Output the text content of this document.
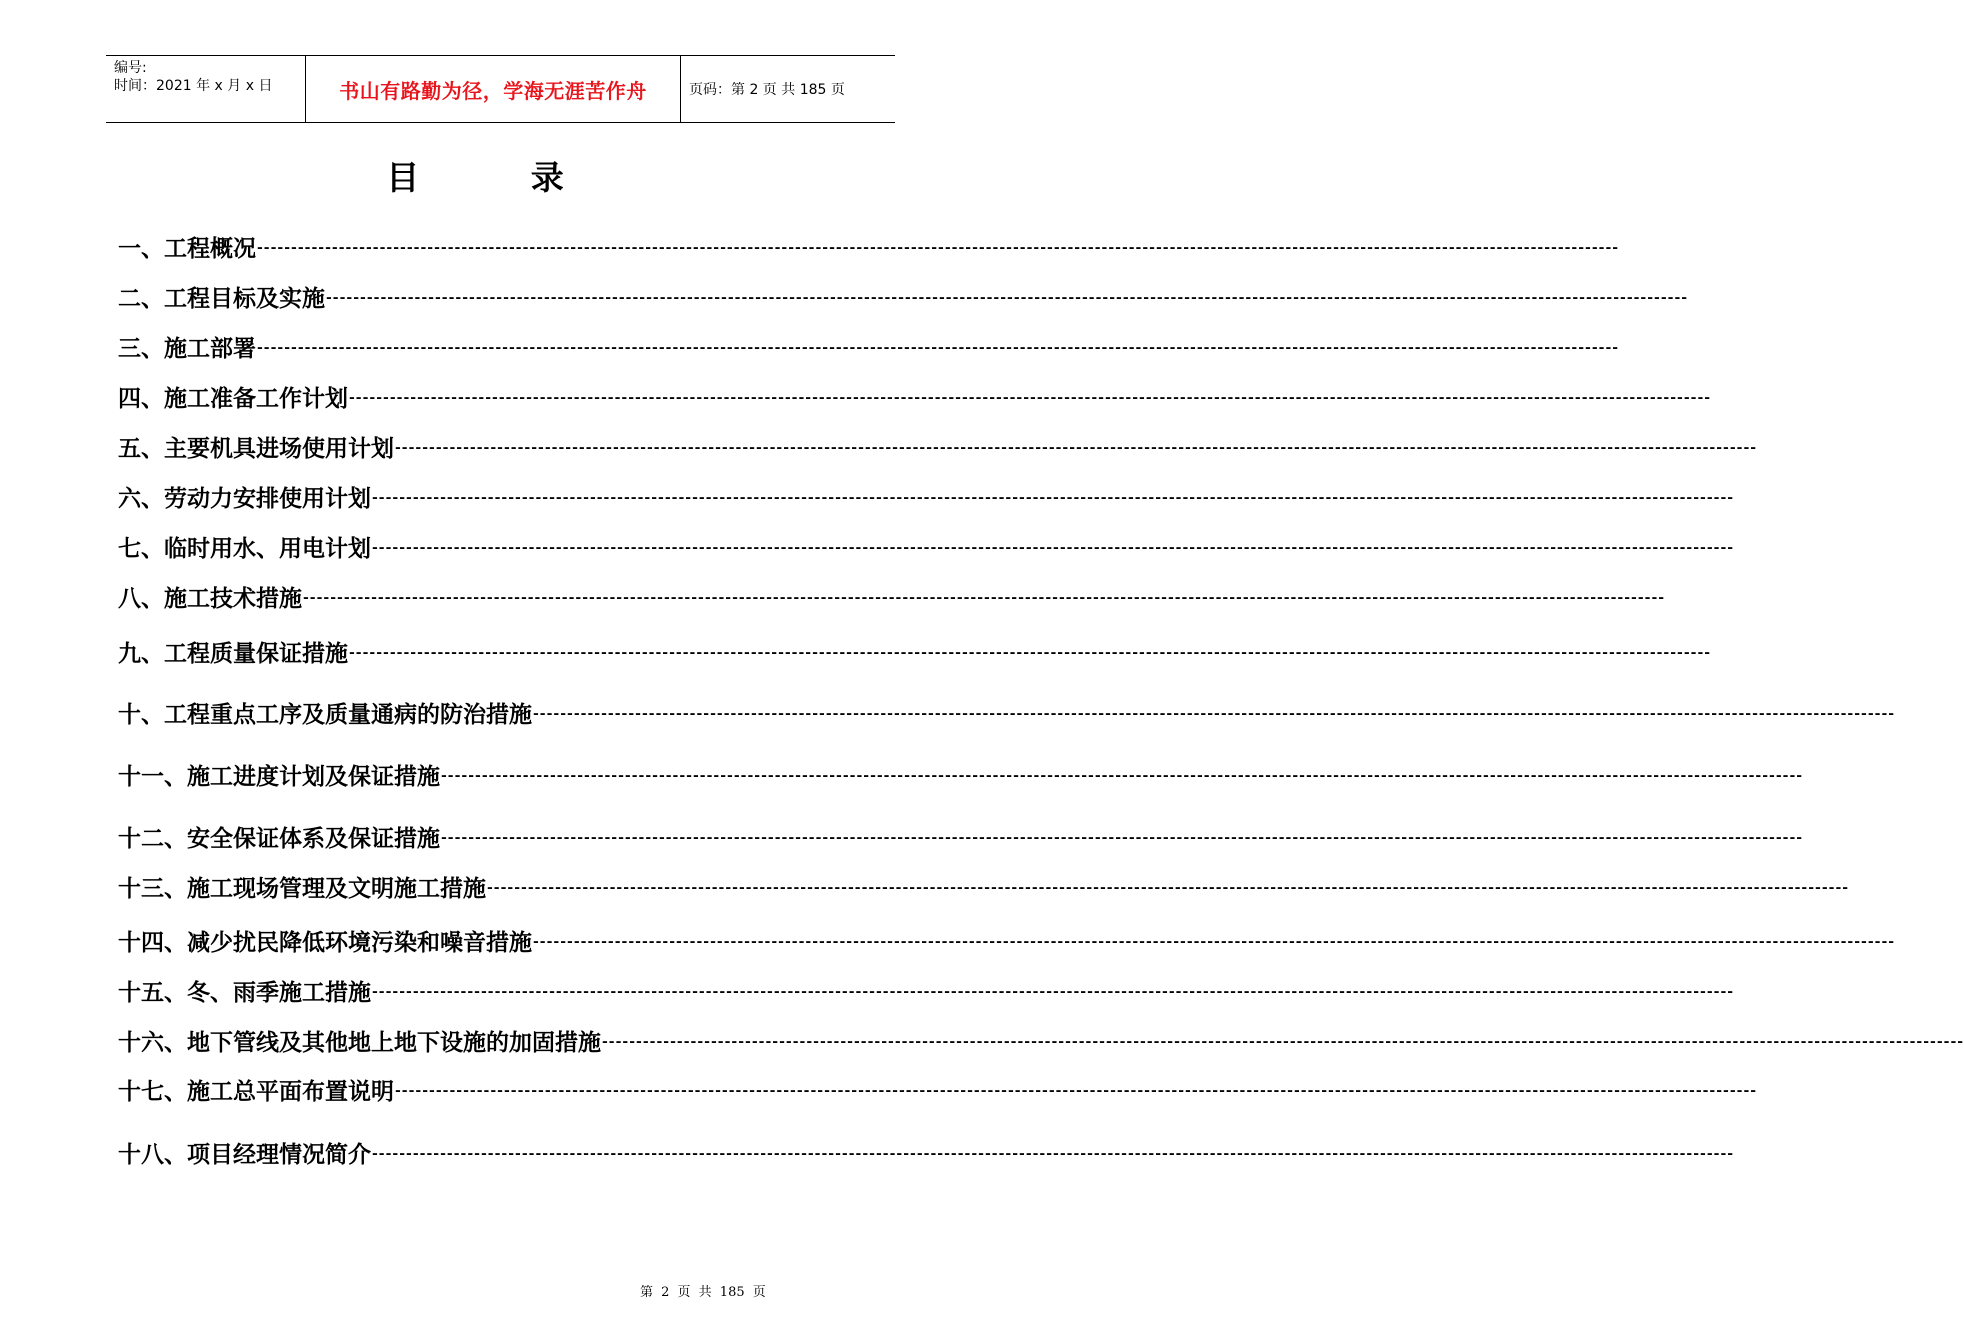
编号:
时间：2021 年 x 月 x 日	书山有路勤为径，学海无涯苦作舟	页码：第 2 页 共 185 页
目 录
一、工程概况 --------------------------------------------------------------------------------------------------------------------------------------------------------------------------------------------------------
二、工程目标及实施 --------------------------------------------------------------------------------------------------------------------------------------------------------------------------------------------------------
三、施工部署 --------------------------------------------------------------------------------------------------------------------------------------------------------------------------------------------------------
四、施工准备工作计划 --------------------------------------------------------------------------------------------------------------------------------------------------------------------------------------------------------
五、主要机具进场使用计划 --------------------------------------------------------------------------------------------------------------------------------------------------------------------------------------------------------
六、劳动力安排使用计划 --------------------------------------------------------------------------------------------------------------------------------------------------------------------------------------------------------
七、临时用水、用电计划 --------------------------------------------------------------------------------------------------------------------------------------------------------------------------------------------------------
八、施工技术措施 --------------------------------------------------------------------------------------------------------------------------------------------------------------------------------------------------------
九、工程质量保证措施 --------------------------------------------------------------------------------------------------------------------------------------------------------------------------------------------------------
十、工程重点工序及质量通病的防治措施 --------------------------------------------------------------------------------------------------------------------------------------------------------------------------------------------------------
十一、施工进度计划及保证措施 --------------------------------------------------------------------------------------------------------------------------------------------------------------------------------------------------------
十二、安全保证体系及保证措施 --------------------------------------------------------------------------------------------------------------------------------------------------------------------------------------------------------
十三、施工现场管理及文明施工措施 --------------------------------------------------------------------------------------------------------------------------------------------------------------------------------------------------------
十四、减少扰民降低环境污染和噪音措施 --------------------------------------------------------------------------------------------------------------------------------------------------------------------------------------------------------
十五、冬、雨季施工措施 --------------------------------------------------------------------------------------------------------------------------------------------------------------------------------------------------------
十六、地下管线及其他地上地下设施的加固措施 --------------------------------------------------------------------------------------------------------------------------------------------------------------------------------------------------------
十七、施工总平面布置说明 --------------------------------------------------------------------------------------------------------------------------------------------------------------------------------------------------------
十八、项目经理情况简介 --------------------------------------------------------------------------------------------------------------------------------------------------------------------------------------------------------
第 2 页 共 185 页
